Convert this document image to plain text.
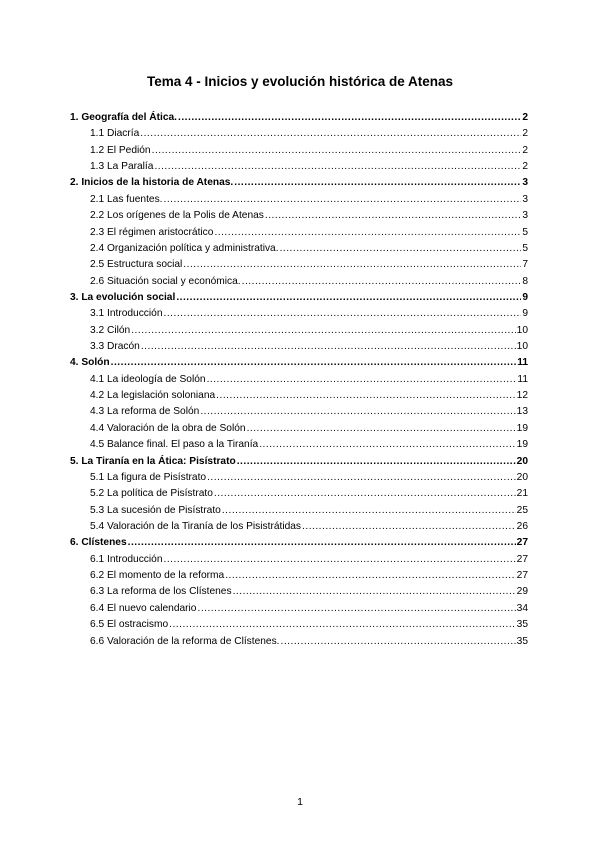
Tema 4 - Inicios y evolución histórica de Atenas
1. Geografía del Ática. .....	2
1.1 Diacría .....	2
1.2 El Pedión .....	2
1.3 La Paralía .....	2
2. Inicios de la historia de Atenas. .....	3
2.1 Las fuentes. .....	3
2.2 Los orígenes de la Polis de Atenas .....	3
2.3 El régimen aristocrático .....	5
2.4 Organización política y administrativa. .....	5
2.5 Estructura social .....	7
2.6 Situación social y económica. .....	8
3. La evolución social .....	9
3.1 Introducción .....	9
3.2 Cilón .....	10
3.3 Dracón .....	10
4. Solón .....	11
4.1 La ideología de Solón .....	11
4.2 La legislación soloniana .....	12
4.3 La reforma de Solón .....	13
4.4 Valoración de la obra de Solón .....	19
4.5 Balance final. El paso a la Tiranía .....	19
5. La Tiranía en la Ática: Pisístrato .....	20
5.1 La figura de Pisístrato .....	20
5.2 La política de Pisístrato .....	21
5.3 La sucesión de Pisístrato .....	25
5.4 Valoración de la Tiranía de los Pisistrátidas .....	26
6. Clístenes .....	27
6.1 Introducción .....	27
6.2 El momento de la reforma .....	27
6.3 La reforma de los Clístenes .....	29
6.4 El nuevo calendario .....	34
6.5 El ostracismo .....	35
6.6 Valoración de la reforma de Clístenes. .....	35
1
